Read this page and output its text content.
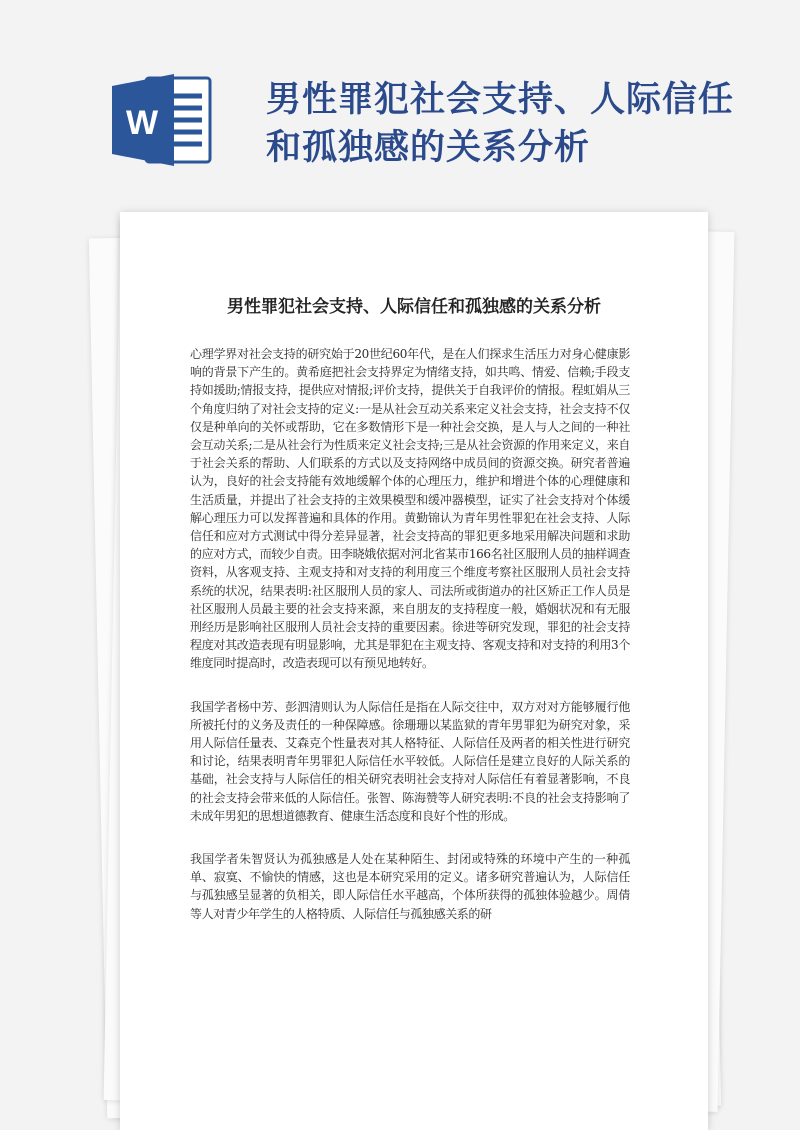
W
男性罪犯社会支持、人际信任
和孤独感的关系分析
男性罪犯社会支持、人际信任和孤独感的关系分析

心理学界对社会支持的研究始于20世纪60年代，是在人们探求生活压力对身心健康影响的背景下产生的。黄希庭把社会支持界定为情绪支持，如共鸣、情爱、信赖;手段支持如援助;情报支持，提供应对情报;评价支持，提供关于自我评价的情报。程虹娟从三个角度归纳了对社会支持的定义:一是从社会互动关系来定义社会支持，社会支持不仅仅是种单向的关怀或帮助，它在多数情形下是一种社会交换，是人与人之间的一种社会互动关系;二是从社会行为性质来定义社会支持;三是从社会资源的作用来定义，来自于社会关系的帮助、人们联系的方式以及支持网络中成员间的资源交换。研究者普遍认为，良好的社会支持能有效地缓解个体的心理压力，维护和增进个体的心理健康和生活质量，并提出了社会支持的主效果模型和缓冲器模型，证实了社会支持对个体缓解心理压力可以发挥普遍和具体的作用。黄勤锦认为青年男性罪犯在社会支持、人际信任和应对方式测试中得分差异显著，社会支持高的罪犯更多地采用解决问题和求助的应对方式，而较少自责。田李晓娥依据对河北省某市166名社区服刑人员的抽样调查资料，从客观支持、主观支持和对支持的利用度三个维度考察社区服刑人员社会支持系统的状况，结果表明:社区服刑人员的家人、司法所或街道办的社区矫正工作人员是社区服刑人员最主要的社会支持来源，来自朋友的支持程度一般，婚姻状况和有无服刑经历是影响社区服刑人员社会支持的重要因素。徐进等研究发现，罪犯的社会支持程度对其改造表现有明显影响，尤其是罪犯在主观支持、客观支持和对支持的利用3个维度同时提高时，改造表现可以有预见地转好。

我国学者杨中芳、彭泗清则认为人际信任是指在人际交往中，双方对对方能够履行他所被托付的义务及责任的一种保障感。徐珊珊以某监狱的青年男罪犯为研究对象，采用人际信任量表、艾森克个性量表对其人格特征、人际信任及两者的相关性进行研究和讨论，结果表明青年男罪犯人际信任水平较低。人际信任是建立良好的人际关系的基础，社会支持与人际信任的相关研究表明社会支持对人际信任有着显著影响，不良的社会支持会带来低的人际信任。张智、陈海赞等人研究表明:不良的社会支持影响了未成年男犯的思想道德教育、健康生活态度和良好个性的形成。

我国学者朱智贤认为孤独感是人处在某种陌生、封闭或特殊的环境中产生的一种孤单、寂寞、不愉快的情感，这也是本研究采用的定义。诸多研究普遍认为，人际信任与孤独感呈显著的负相关，即人际信任水平越高，个体所获得的孤独体验越少。周倩等人对青少年学生的人格特质、人际信任与孤独感关系的研
